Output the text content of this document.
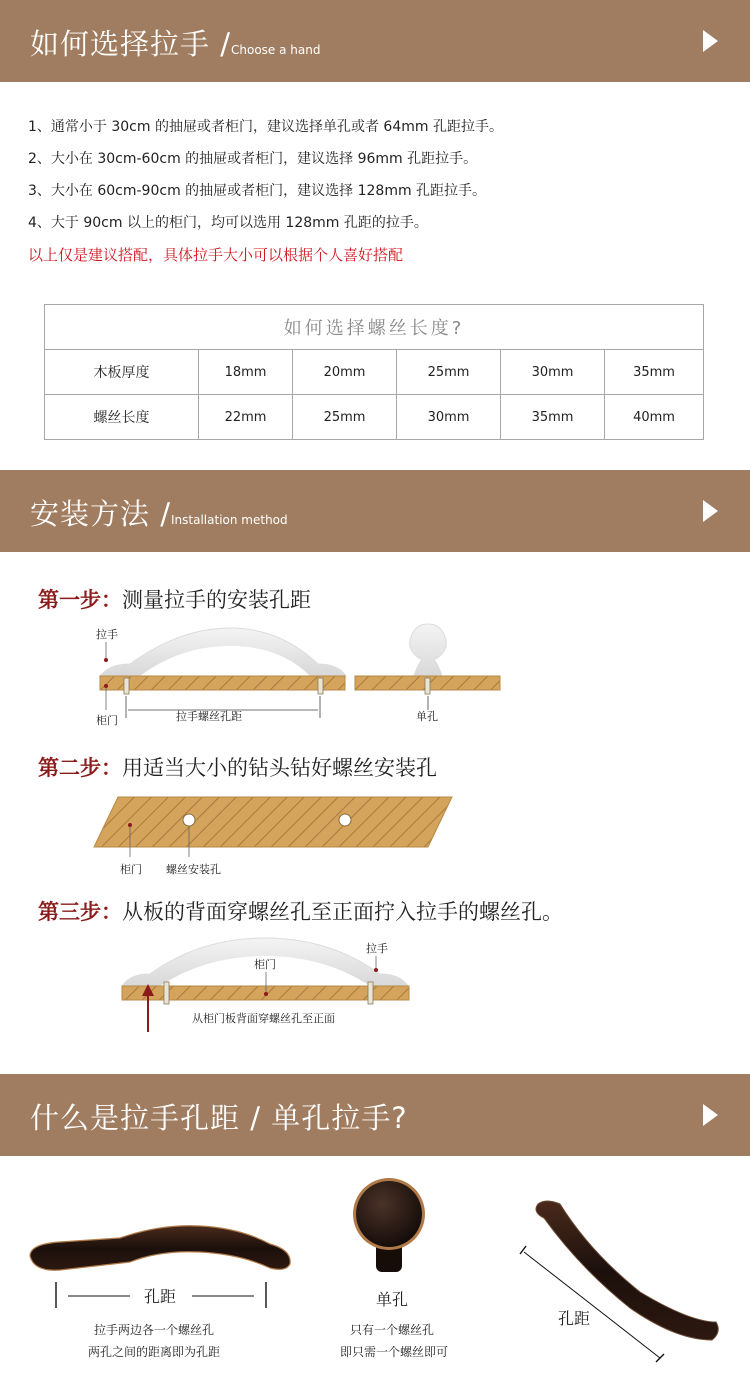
如何选择拉手 /Choose a hand
1、通常小于 30cm 的抽屉或者柜门，建议选择单孔或者 64mm 孔距拉手。
2、大小在 30cm-60cm 的抽屉或者柜门，建议选择 96mm 孔距拉手。
3、大小在 60cm-90cm 的抽屉或者柜门，建议选择 128mm 孔距拉手。
4、大于 90cm 以上的柜门，均可以选用 128mm 孔距的拉手。
以上仅是建议搭配，具体拉手大小可以根据个人喜好搭配
如何选择螺丝长度?					
木板厚度	18mm	20mm	25mm	30mm	35mm
螺丝长度	22mm	25mm	30mm	35mm	40mm
安装方法 /Installation method
第一步：测量拉手的安装孔距
拉手
柜门	拉手螺丝孔距	单孔
第二步：用适当大小的钻头钻好螺丝安装孔
柜门 螺丝安装孔
第三步：从板的背面穿螺丝孔至正面拧入拉手的螺丝孔。
拉手
柜门
从柜门板背面穿螺丝孔至正面
什么是拉手孔距 / 单孔拉手?
孔距
拉手两边各一个螺丝孔
两孔之间的距离即为孔距
单孔
只有一个螺丝孔
即只需一个螺丝即可
孔距
